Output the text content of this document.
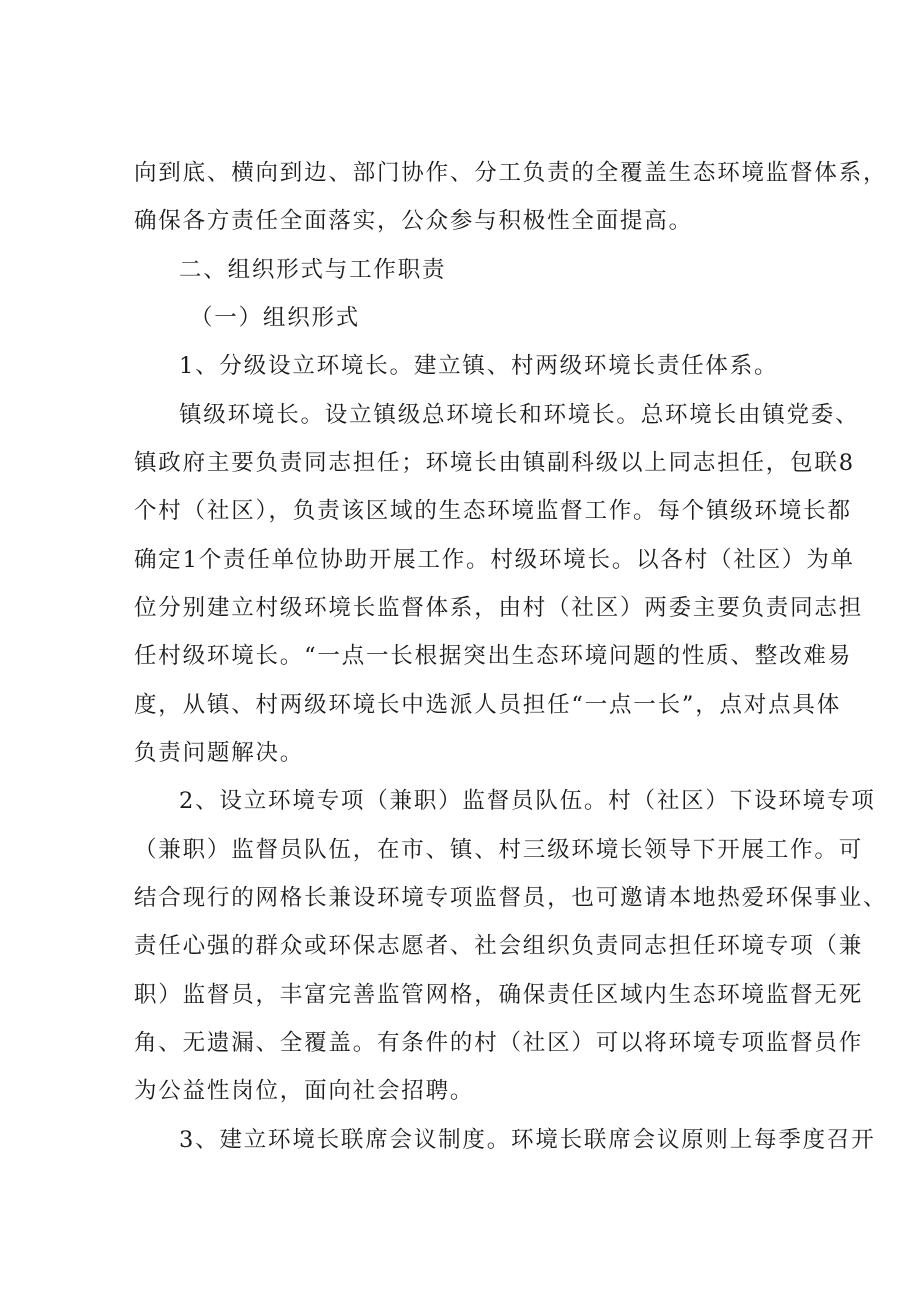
向到底、横向到边、部门协作、分工负责的全覆盖生态环境监督体系，
确保各方责任全面落实，公众参与积极性全面提高。
二、组织形式与工作职责
（一）组织形式
1、分级设立环境长。建立镇、村两级环境长责任体系。
镇级环境长。设立镇级总环境长和环境长。总环境长由镇党委、
镇政府主要负责同志担任；环境长由镇副科级以上同志担任，包联8
个村（社区），负责该区域的生态环境监督工作。每个镇级环境长都
确定1个责任单位协助开展工作。村级环境长。以各村（社区）为单
位分别建立村级环境长监督体系，由村（社区）两委主要负责同志担
任村级环境长。“一点一长根据突出生态环境问题的性质、整改难易
度，从镇、村两级环境长中选派人员担任“一点一长”，点对点具体
负责问题解决。
2、设立环境专项（兼职）监督员队伍。村（社区）下设环境专项
（兼职）监督员队伍，在市、镇、村三级环境长领导下开展工作。可
结合现行的网格长兼设环境专项监督员，也可邀请本地热爱环保事业、
责任心强的群众或环保志愿者、社会组织负责同志担任环境专项（兼
职）监督员，丰富完善监管网格，确保责任区域内生态环境监督无死
角、无遗漏、全覆盖。有条件的村（社区）可以将环境专项监督员作
为公益性岗位，面向社会招聘。
3、建立环境长联席会议制度。环境长联席会议原则上每季度召开
